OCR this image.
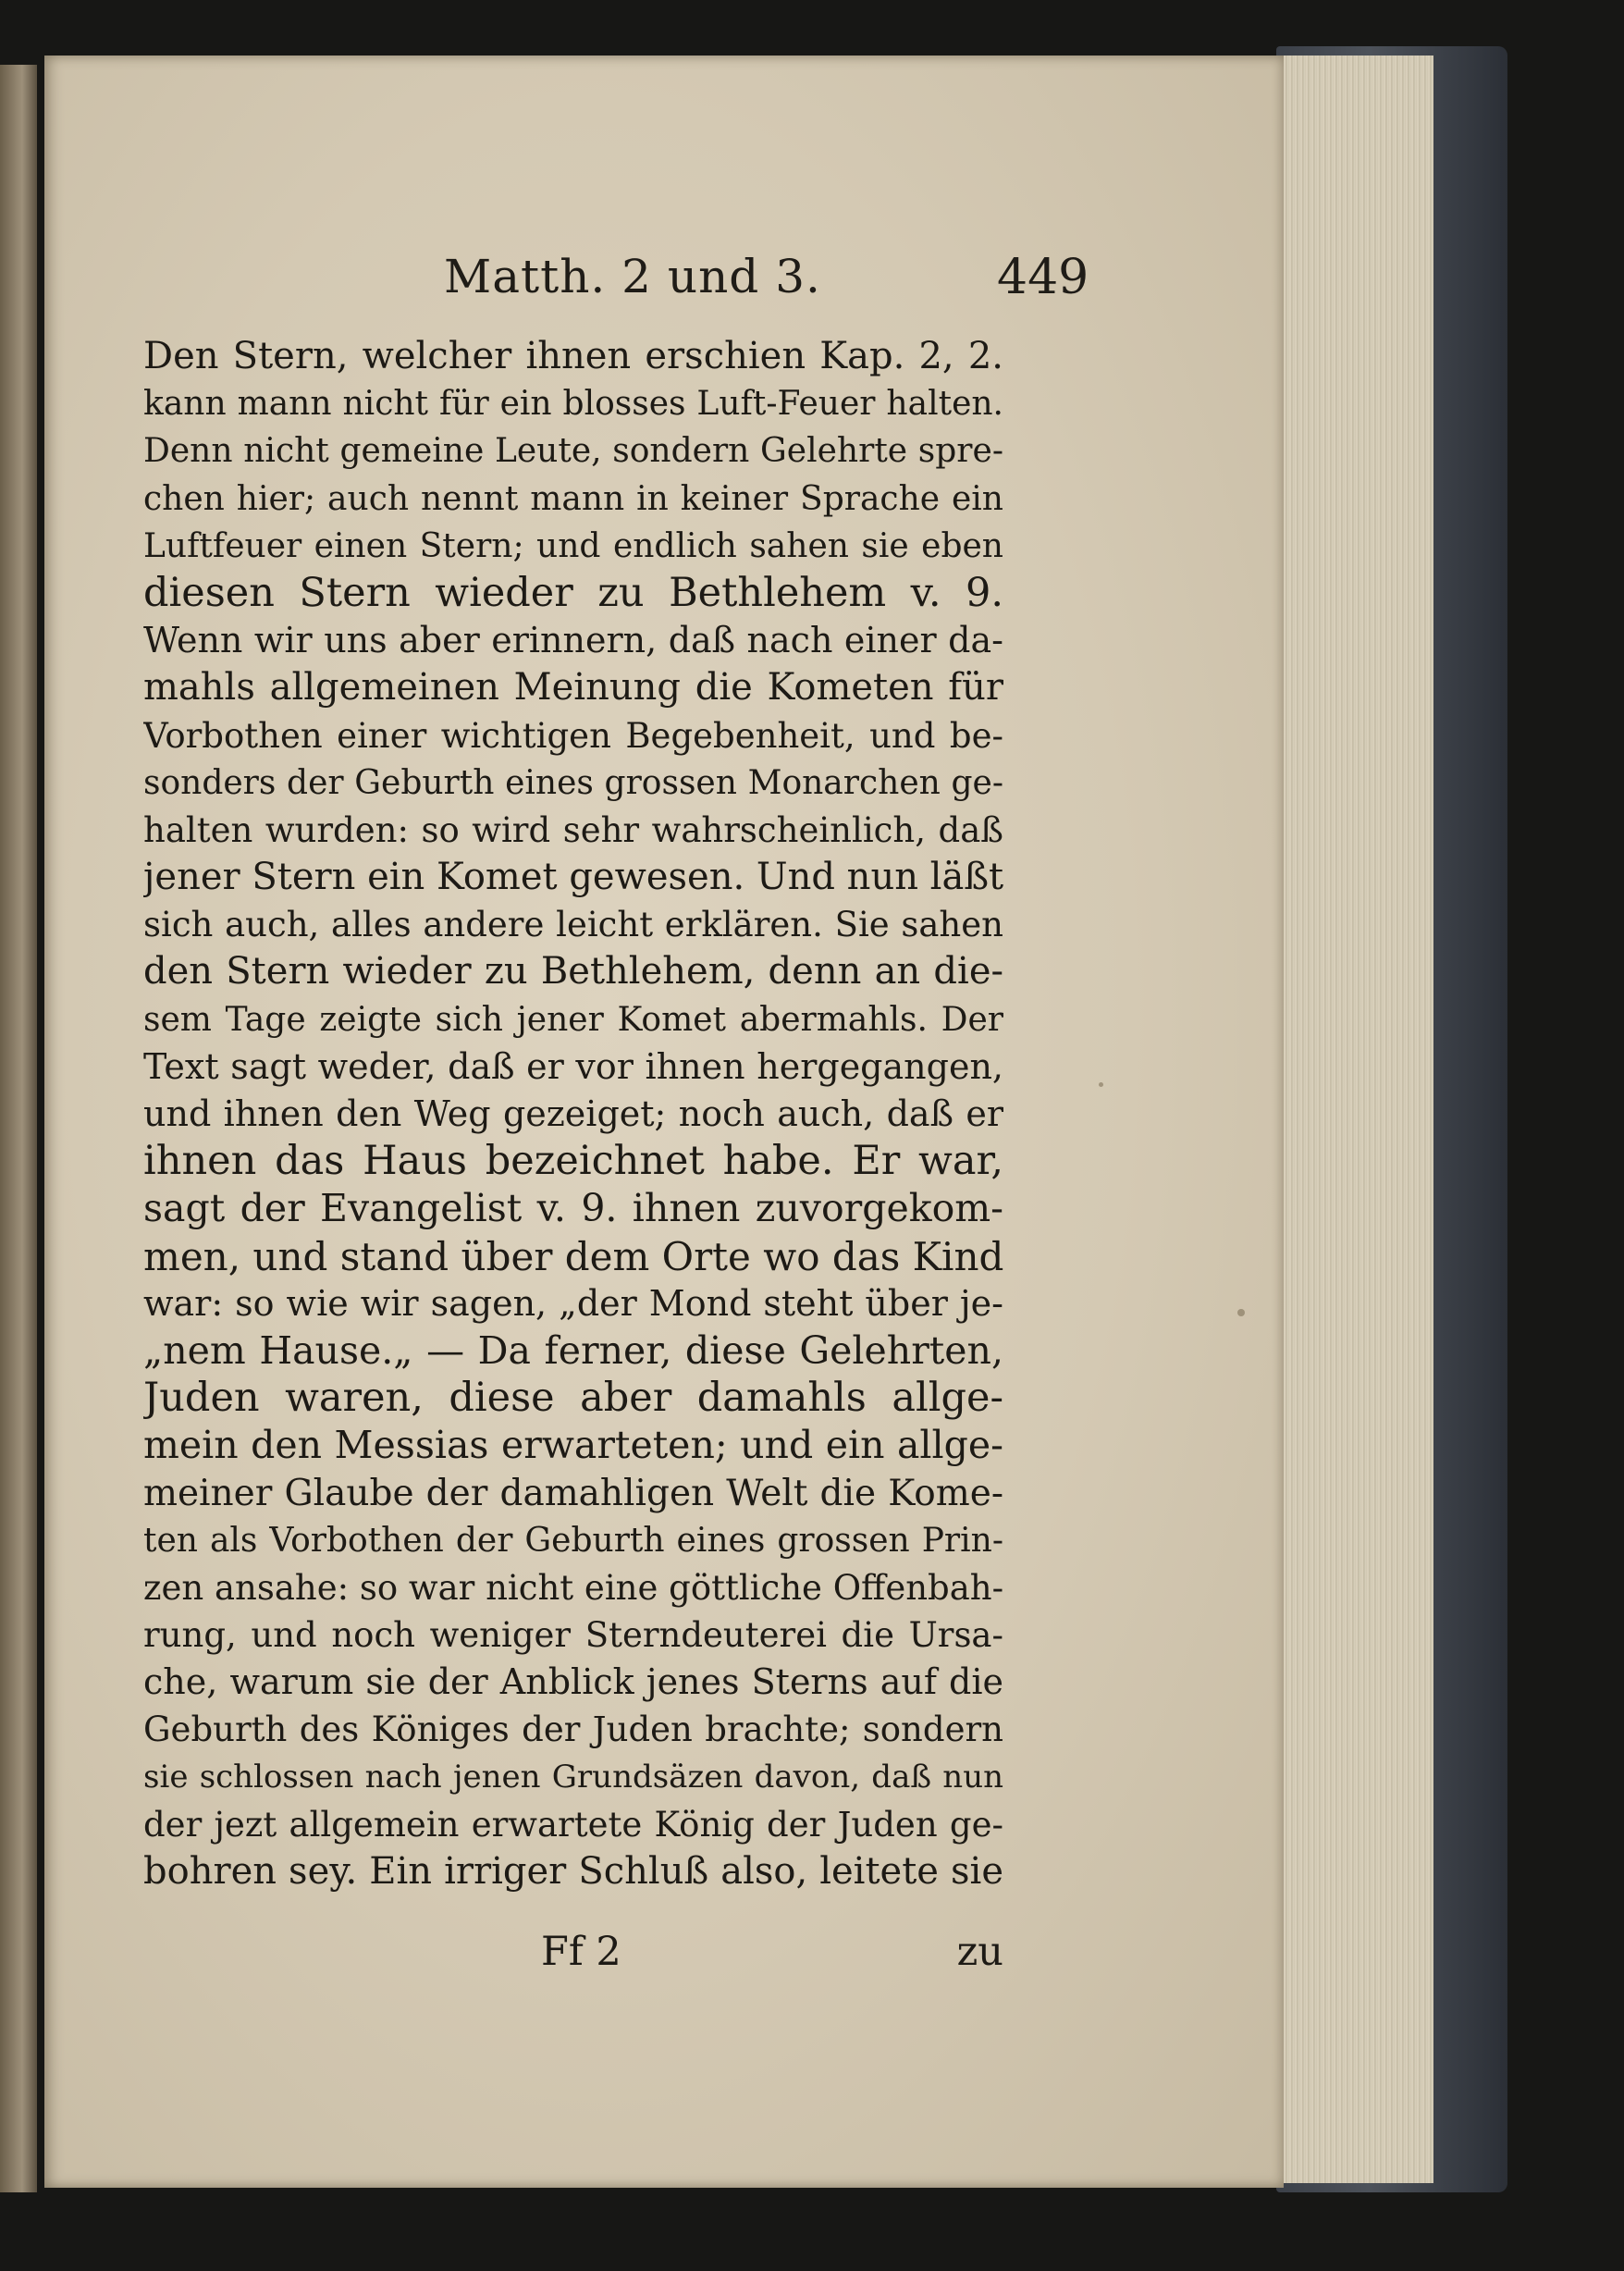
Matth. 2 und 3.	449
Den Stern, welcher ihnen erschien Kap. 2, 2.
kann mann nicht für ein blosses Luft-Feuer halten.
Denn nicht gemeine Leute, sondern Gelehrte spre-
chen hier; auch nennt mann in keiner Sprache ein
Luftfeuer einen Stern; und endlich sahen sie eben
diesen Stern wieder zu Bethlehem v. 9.
Wenn wir uns aber erinnern, daß nach einer da-
mahls allgemeinen Meinung die Kometen für
Vorbothen einer wichtigen Begebenheit, und be-
sonders der Geburth eines grossen Monarchen ge-
halten wurden: so wird sehr wahrscheinlich, daß
jener Stern ein Komet gewesen. Und nun läßt
sich auch, alles andere leicht erklären. Sie sahen
den Stern wieder zu Bethlehem, denn an die-
sem Tage zeigte sich jener Komet abermahls. Der
Text sagt weder, daß er vor ihnen hergegangen,
und ihnen den Weg gezeiget; noch auch, daß er
ihnen das Haus bezeichnet habe. Er war,
sagt der Evangelist v. 9. ihnen zuvorgekom-
men, und stand über dem Orte wo das Kind
war: so wie wir sagen, „der Mond steht über je-
„nem Hause.„ — Da ferner, diese Gelehrten,
Juden waren, diese aber damahls allge-
mein den Messias erwarteten; und ein allge-
meiner Glaube der damahligen Welt die Kome-
ten als Vorbothen der Geburth eines grossen Prin-
zen ansahe: so war nicht eine göttliche Offenbah-
rung, und noch weniger Sterndeuterei die Ursa-
che, warum sie der Anblick jenes Sterns auf die
Geburth des Königes der Juden brachte; sondern
sie schlossen nach jenen Grundsäzen davon, daß nun
der jezt allgemein erwartete König der Juden ge-
bohren sey. Ein irriger Schluß also, leitete sie
Ff 2	zu
